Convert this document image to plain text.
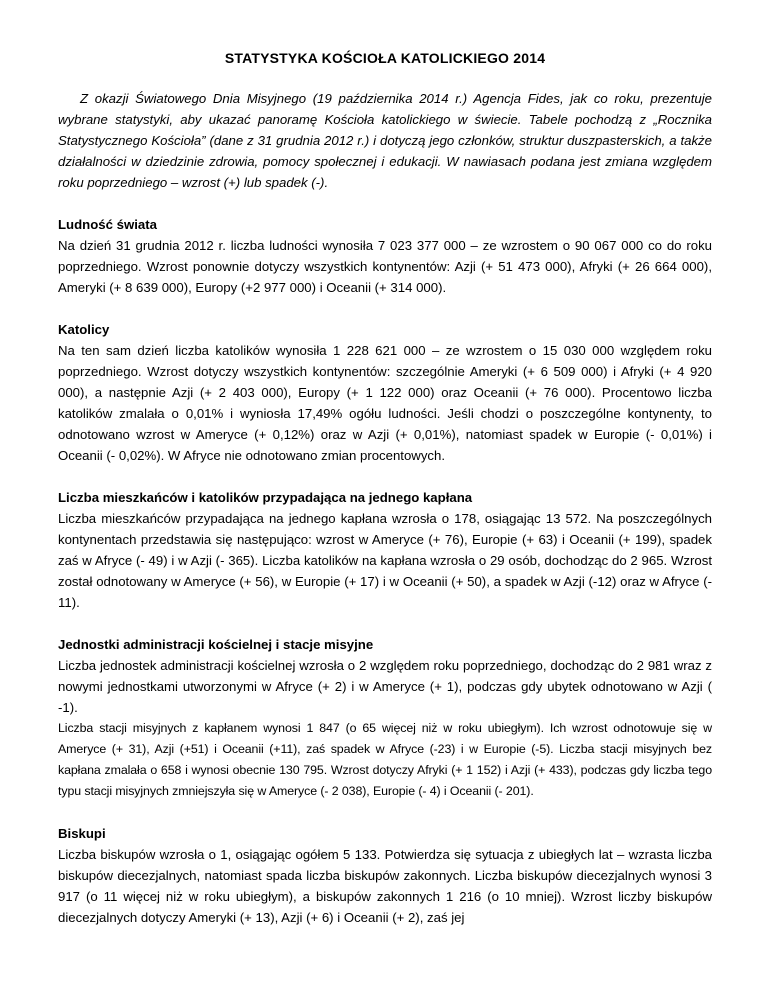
STATYSTYKA KOŚCIOŁA KATOLICKIEGO 2014

Z okazji Światowego Dnia Misyjnego (19 października 2014 r.) Agencja Fides, jak co roku, prezentuje wybrane statystyki, aby ukazać panoramę Kościoła katolickiego w świecie. Tabele pochodzą z „Rocznika Statystycznego Kościoła” (dane z 31 grudnia 2012 r.) i dotyczą jego członków, struktur duszpasterskich, a także działalności w dziedzinie zdrowia, pomocy społecznej i edukacji. W nawiasach podana jest zmiana względem roku poprzedniego – wzrost (+) lub spadek (-).

Ludność świata

Na dzień 31 grudnia 2012 r. liczba ludności wynosiła 7 023 377 000 – ze wzrostem o 90 067 000 co do roku poprzedniego. Wzrost ponownie dotyczy wszystkich kontynentów: Azji (+ 51 473 000), Afryki (+ 26 664 000), Ameryki (+ 8 639 000), Europy (+2 977 000) i Oceanii (+ 314 000).

Katolicy

Na ten sam dzień liczba katolików wynosiła 1 228 621 000 – ze wzrostem o 15 030 000 względem roku poprzedniego. Wzrost dotyczy wszystkich kontynentów: szczególnie Ameryki (+ 6 509 000) i Afryki (+ 4 920 000), a następnie Azji (+ 2 403 000), Europy (+ 1 122 000) oraz Oceanii (+ 76 000). Procentowo liczba katolików zmalała o 0,01% i wyniosła 17,49% ogółu ludności. Jeśli chodzi o poszczególne kontynenty, to odnotowano wzrost w Ameryce (+ 0,12%) oraz w Azji (+ 0,01%), natomiast spadek w Europie (- 0,01%) i Oceanii (- 0,02%). W Afryce nie odnotowano zmian procentowych.

Liczba mieszkańców i katolików przypadająca na jednego kapłana

Liczba mieszkańców przypadająca na jednego kapłana wzrosła o 178, osiągając 13 572. Na poszczególnych kontynentach przedstawia się następująco: wzrost w Ameryce (+ 76), Europie (+ 63) i Oceanii (+ 199), spadek zaś w Afryce (- 49) i w Azji (- 365). Liczba katolików na kapłana wzrosła o 29 osób, dochodząc do 2 965. Wzrost został odnotowany w Ameryce (+ 56), w Europie (+ 17) i w Oceanii (+ 50), a spadek w Azji (-12) oraz w Afryce (- 11).

Jednostki administracji kościelnej i stacje misyjne

Liczba jednostek administracji kościelnej wzrosła o 2 względem roku poprzedniego, dochodząc do 2 981 wraz z nowymi jednostkami utworzonymi w Afryce (+ 2) i w Ameryce (+ 1), podczas gdy ubytek odnotowano w Azji ( -1).

Liczba stacji misyjnych z kapłanem wynosi 1 847 (o 65 więcej niż w roku ubiegłym). Ich wzrost odnotowuje się w Ameryce (+ 31), Azji (+51) i Oceanii (+11), zaś spadek w Afryce (-23) i w Europie (-5). Liczba stacji misyjnych bez kapłana zmalała o 658 i wynosi obecnie 130 795. Wzrost dotyczy Afryki (+ 1 152) i Azji (+ 433), podczas gdy liczba tego typu stacji misyjnych zmniejszyła się w Ameryce (- 2 038), Europie (- 4) i Oceanii (- 201).

Biskupi

Liczba biskupów wzrosła o 1, osiągając ogółem 5 133. Potwierdza się sytuacja z ubiegłych lat – wzrasta liczba biskupów diecezjalnych, natomiast spada liczba biskupów zakonnych. Liczba biskupów diecezjalnych wynosi 3 917 (o 11 więcej niż w roku ubiegłym), a biskupów zakonnych 1 216 (o 10 mniej). Wzrost liczby biskupów diecezjalnych dotyczy Ameryki (+ 13), Azji (+ 6) i Oceanii (+ 2), zaś jej
